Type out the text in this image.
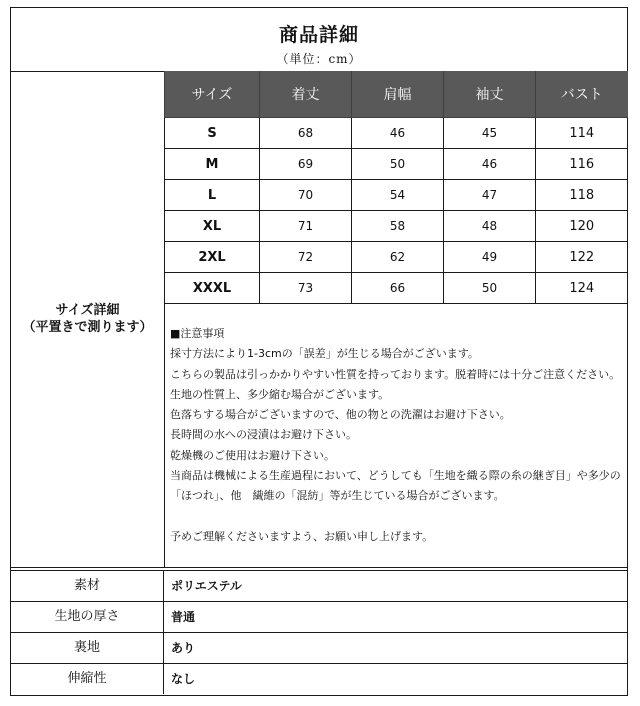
商品詳細
（単位：cm）
サイズ詳細
（平置きで測ります）
サイズ	着丈	肩幅	袖丈	バスト
S	68	46	45	114
M	69	50	46	116
L	70	54	47	118
XL	71	58	48	120
2XL	72	62	49	122
XXXL	73	66	50	124
■注意事項
採寸方法により1-3cmの「誤差」が生じる場合がございます。
こちらの製品は引っかかりやすい性質を持っております。脱着時には十分ご注意ください。
生地の性質上、多少縮む場合がございます。
色落ちする場合がございますので、他の物との洗濯はお避け下さい。
長時間の水への浸漬はお避け下さい。
乾燥機のご使用はお避け下さい。
当商品は機械による生産過程において、どうしても「生地を織る際の糸の継ぎ目」や多少の「ほつれ」、他　繊維の「混紡」等が生じている場合がございます。
予めご理解くださいますよう、お願い申し上げます。
素材	ポリエステル
生地の厚さ	普通
裏地	あり
伸縮性	なし
